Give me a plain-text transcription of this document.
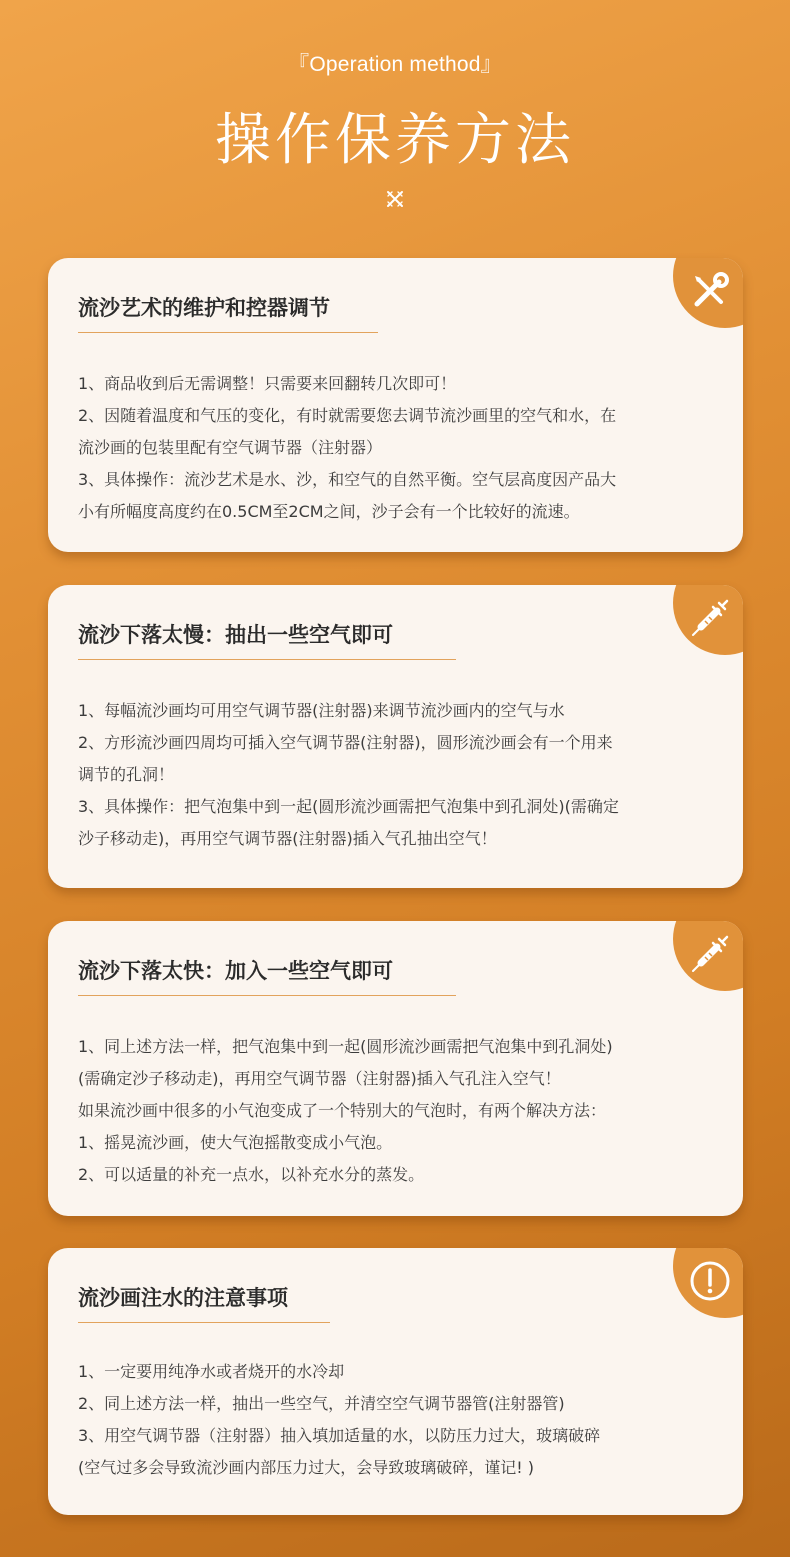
『Operation method』
操作保养方法
流沙艺术的维护和控器调节

1、商品收到后无需调整！只需要来回翻转几次即可！

2、因随着温度和气压的变化，有时就需要您去调节流沙画里的空气和水，在

流沙画的包装里配有空气调节器（注射器）

3、具体操作：流沙艺术是水、沙，和空气的自然平衡。空气层高度因产品大

小有所幅度高度约在0.5CM至2CM之间，沙子会有一个比较好的流速。

流沙下落太慢：抽出一些空气即可

1、每幅流沙画均可用空气调节器(注射器)来调节流沙画内的空气与水

2、方形流沙画四周均可插入空气调节器(注射器)，圆形流沙画会有一个用来

调节的孔洞！

3、具体操作：把气泡集中到一起(圆形流沙画需把气泡集中到孔洞处)(需确定

沙子移动走)，再用空气调节器(注射器)插入气孔抽出空气！

流沙下落太快：加入一些空气即可

1、同上述方法一样，把气泡集中到一起(圆形流沙画需把气泡集中到孔洞处)

(需确定沙子移动走)，再用空气调节器（注射器)插入气孔注入空气！

如果流沙画中很多的小气泡变成了一个特别大的气泡时，有两个解决方法：

1、摇晃流沙画，使大气泡摇散变成小气泡。

2、可以适量的补充一点水，以补充水分的蒸发。

流沙画注水的注意事项

1、一定要用纯净水或者烧开的水冷却

2、同上述方法一样，抽出一些空气，并清空空气调节器管(注射器管)

3、用空气调节器（注射器）抽入填加适量的水，以防压力过大，玻璃破碎

(空气过多会导致流沙画内部压力过大，会导致玻璃破碎，谨记! )
